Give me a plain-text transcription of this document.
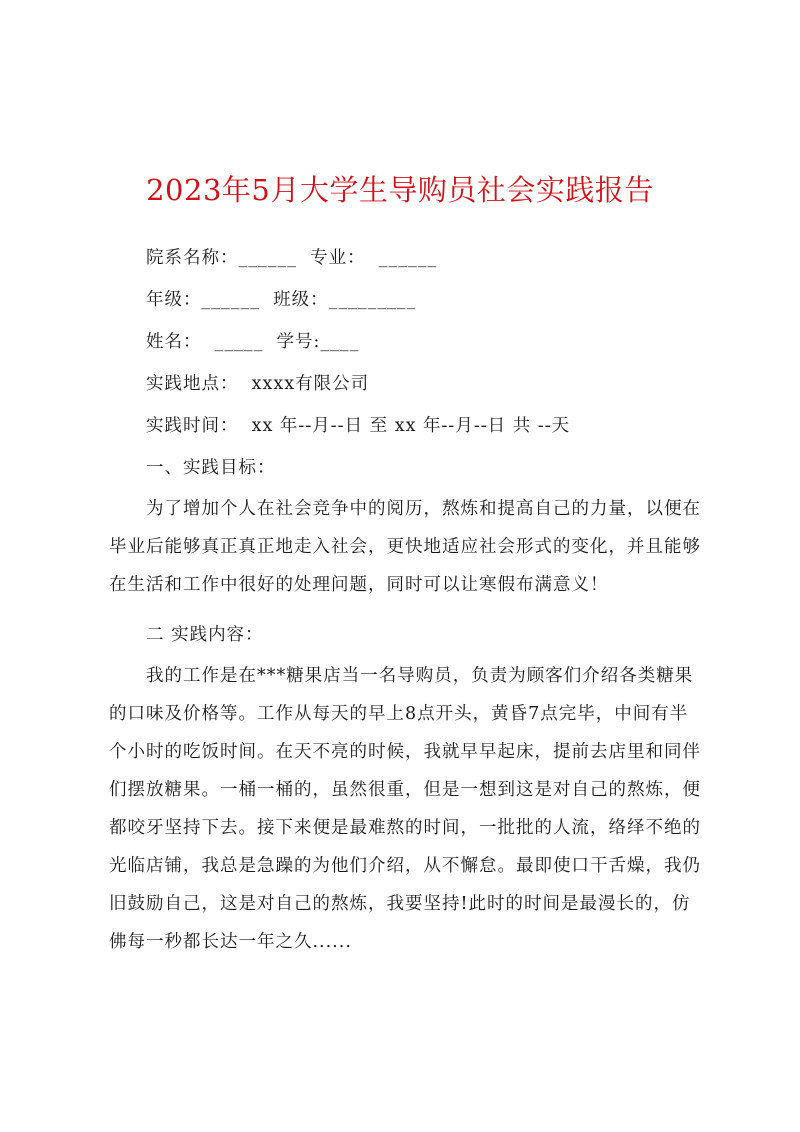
2023年5月大学生导购员社会实践报告
院系名称：______  专业：  ______
年级：______  班级：_________
姓名：  _____  学号:____
实践地点：  xxxx有限公司
实践时间：  xx 年--月--日 至 xx 年--月--日 共 --天
一、实践目标：
为了增加个人在社会竞争中的阅历，熬炼和提高自己的力量，以便在
毕业后能够真正真正地走入社会，更快地适应社会形式的变化，并且能够
在生活和工作中很好的处理问题，同时可以让寒假布满意义！
二 实践内容：
我的工作是在***糖果店当一名导购员，负责为顾客们介绍各类糖果
的口味及价格等。工作从每天的早上8点开头，黄昏7点完毕，中间有半
个小时的吃饭时间。在天不亮的时候，我就早早起床，提前去店里和同伴
们摆放糖果。一桶一桶的，虽然很重，但是一想到这是对自己的熬炼，便
都咬牙坚持下去。接下来便是最难熬的时间，一批批的人流，络绎不绝的
光临店铺，我总是急躁的为他们介绍，从不懈怠。最即使口干舌燥，我仍
旧鼓励自己，这是对自己的熬炼，我要坚持!此时的时间是最漫长的，仿
佛每一秒都长达一年之久......
